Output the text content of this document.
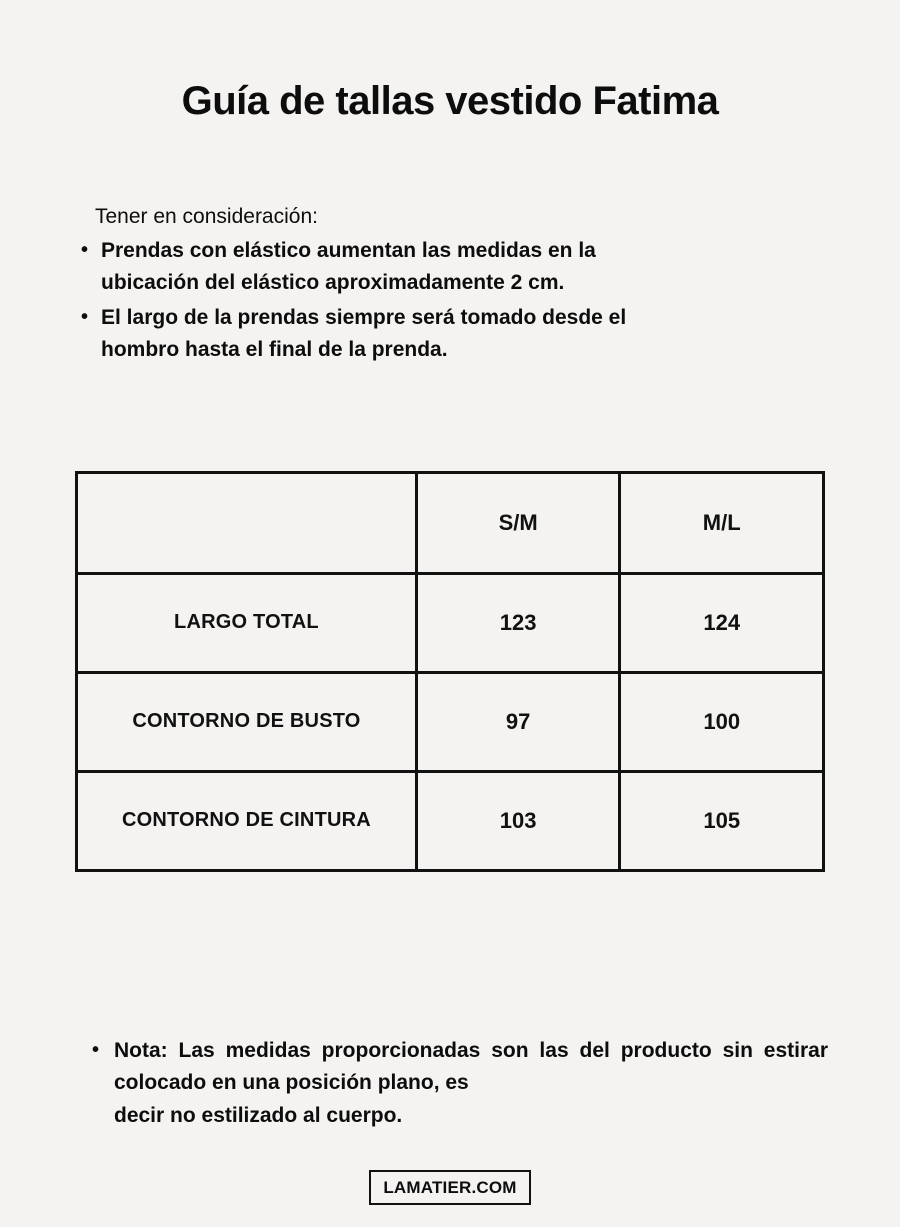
Guía de tallas vestido Fatima
Tener en consideración:
• Prendas con elástico aumentan las medidas en la
ubicación del elástico aproximadamente 2 cm.
• El largo de la prendas siempre será tomado desde el
hombro hasta el final de la prenda.
	S/M	M/L
LARGO TOTAL	123	124
CONTORNO DE BUSTO	97	100
CONTORNO DE CINTURA	103	105
• Nota: Las medidas proporcionadas son las del producto sin estirar colocado en una posición plano, es
decir no estilizado al cuerpo.
LAMATIER.COM
